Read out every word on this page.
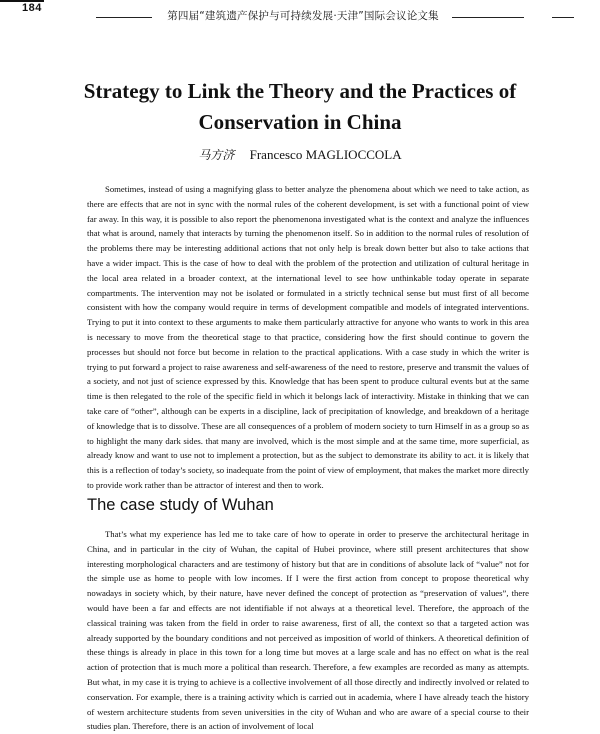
184
第四届“建筑遗产保护与可持续发展·天津”国际会议论文集
Strategy to Link the Theory and the Practices of Conservation in China
马方济 Francesco MAGLIOCCOLA

Sometimes, instead of using a magnifying glass to better analyze the phenomena about which we need to take action, as there are effects that are not in sync with the normal rules of the coherent development, is set with a functional point of view far away. In this way, it is possible to also report the phenomenona investigated what is the context and analyze the influences that what is around, namely that interacts by turning the phenomenon itself. So in addition to the normal rules of resolution of the problems there may be interesting additional actions that not only help is break down better but also to take actions that have a wider impact. This is the case of how to deal with the problem of the protection and utilization of cultural heritage in the local area related in a broader context, at the international level to see how unthinkable today operate in separate compartments. The intervention may not be isolated or formulated in a strictly technical sense but must first of all become consistent with how the company would require in terms of development compatible and models of integrated interventions. Trying to put it into context to these arguments to make them particularly attractive for anyone who wants to work in this area is necessary to move from the theoretical stage to that practice, considering how the first should continue to govern the processes but should not force but become in relation to the practical applications. With a case study in which the writer is trying to put forward a project to raise awareness and self-awareness of the need to restore, preserve and transmit the values of a society, and not just of science expressed by this. Knowledge that has been spent to produce cultural events but at the same time is then relegated to the role of the specific field in which it belongs lack of interactivity. Mistake in thinking that we can take care of “other”, although can be experts in a discipline, lack of precipitation of knowledge, and breakdown of a heritage of knowledge that is to dissolve. These are all consequences of a problem of modern society to turn Himself in as a group so as to highlight the many dark sides. that many are involved, which is the most simple and at the same time, more superficial, as already know and want to use not to implement a protection, but as the subject to demonstrate its ability to act. it is likely that this is a reflection of today’s society, so inadequate from the point of view of employment, that makes the market more directly to provide work rather than be attractor of interest and then to work.

The case study of Wuhan

That’s what my experience has led me to take care of how to operate in order to preserve the architectural heritage in China, and in particular in the city of Wuhan, the capital of Hubei province, where still present architectures that show interesting morphological characters and are testimony of history but that are in conditions of absolute lack of “value” not for the simple use as home to people with low incomes. If I were the first action from concept to propose theoretical why nowadays in society which, by their nature, have never defined the concept of protection as “preservation of values”, there would have been a far and effects are not identifiable if not always at a theoretical level. Therefore, the approach of the classical training was taken from the field in order to raise awareness, first of all, the context so that a targeted action was already supported by the boundary conditions and not perceived as imposition of world of thinkers. A theoretical definition of these things is already in place in this town for a long time but moves at a large scale and has no effect on what is the real action of protection that is much more a political than research. Therefore, a few examples are recorded as many as attempts. But what, in my case it is trying to achieve is a collective involvement of all those directly and indirectly involved or related to conservation. For example, there is a training activity which is carried out in academia, where I have already teach the history of western architecture students from seven universities in the city of Wuhan and who are aware of a special course to their studies plan. Therefore, there is an action of involvement of local
